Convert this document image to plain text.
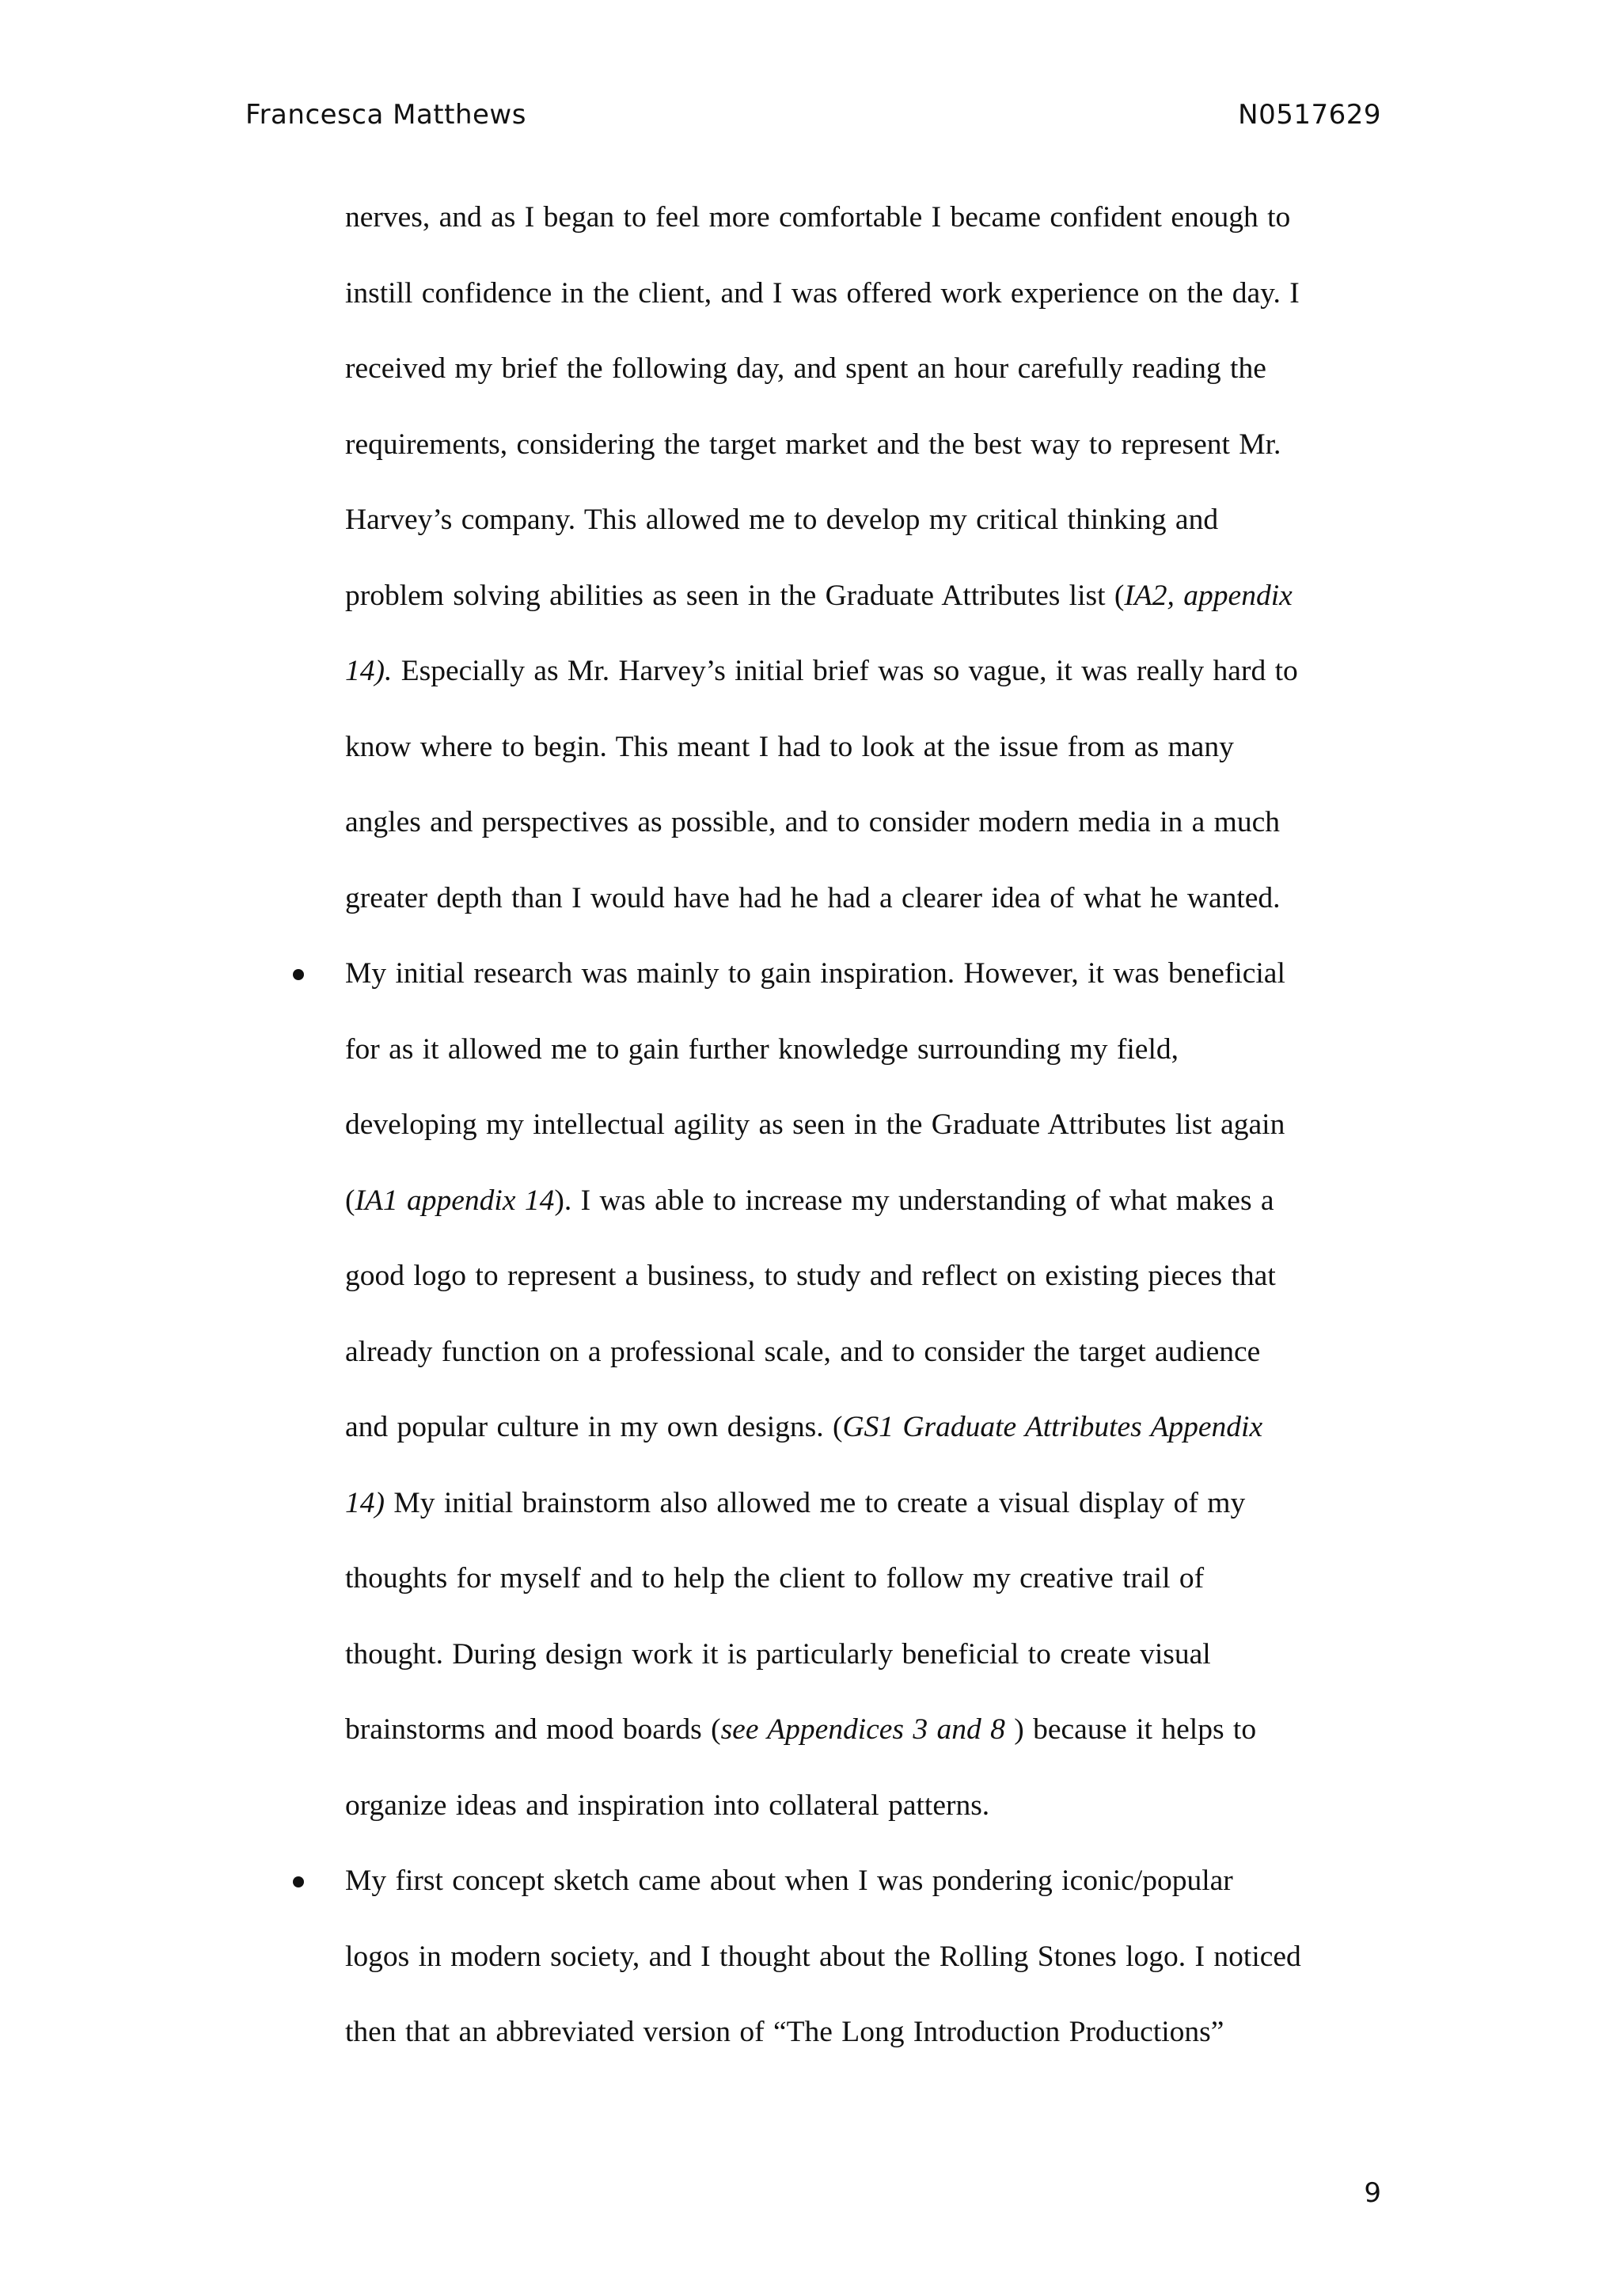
Francesca Matthews	N0517629
nerves, and as I began to feel more comfortable I became confident enough to
instill confidence in the client, and I was offered work experience on the day. I
received my brief the following day, and spent an hour carefully reading the
requirements, considering the target market and the best way to represent Mr.
Harvey’s company. This allowed me to develop my critical thinking and
problem solving abilities as seen in the Graduate Attributes list (IA2, appendix
14). Especially as Mr. Harvey’s initial brief was so vague, it was really hard to
know where to begin. This meant I had to look at the issue from as many
angles and perspectives as possible, and to consider modern media in a much
greater depth than I would have had he had a clearer idea of what he wanted.
My initial research was mainly to gain inspiration. However, it was beneficial
for as it allowed me to gain further knowledge surrounding my field,
developing my intellectual agility as seen in the Graduate Attributes list again
(IA1 appendix 14). I was able to increase my understanding of what makes a
good logo to represent a business, to study and reflect on existing pieces that
already function on a professional scale, and to consider the target audience
and popular culture in my own designs. (GS1 Graduate Attributes Appendix
14) My initial brainstorm also allowed me to create a visual display of my
thoughts for myself and to help the client to follow my creative trail of
thought. During design work it is particularly beneficial to create visual
brainstorms and mood boards (see Appendices 3 and 8 ) because it helps to
organize ideas and inspiration into collateral patterns.
My first concept sketch came about when I was pondering iconic/popular
logos in modern society, and I thought about the Rolling Stones logo. I noticed
then that an abbreviated version of “The Long Introduction Productions”
9
